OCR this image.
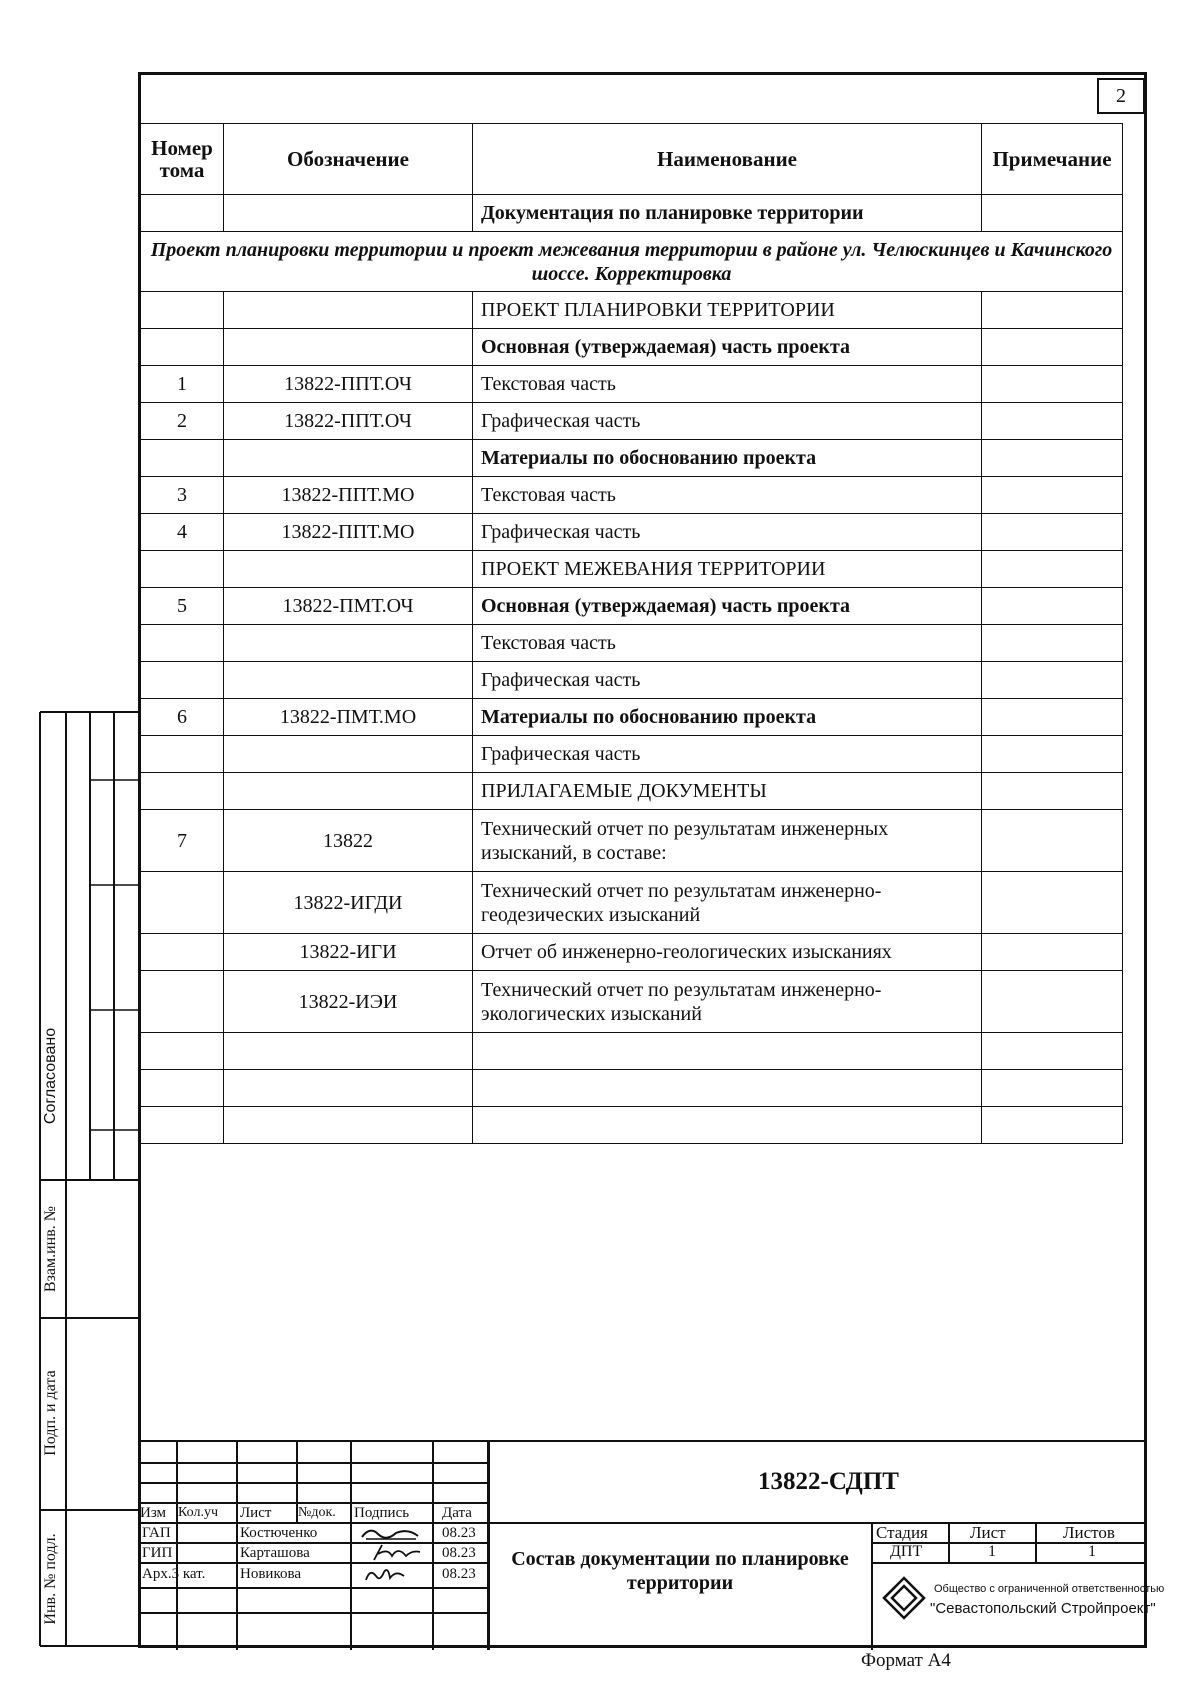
2
Номер тома	Обозначение	Наименование	Примечание
		Документация по планировке территории	
Проект планировки территории и проект межевания территории в районе ул. Челюскинцев и Качинского шоссе. Корректировка			
		ПРОЕКТ ПЛАНИРОВКИ ТЕРРИТОРИИ	
		Основная (утверждаемая) часть проекта	
1	13822-ППТ.ОЧ	Текстовая часть	
2	13822-ППТ.ОЧ	Графическая часть	
		Материалы по обоснованию проекта	
3	13822-ППТ.МО	Текстовая часть	
4	13822-ППТ.МО	Графическая часть	
		ПРОЕКТ МЕЖЕВАНИЯ ТЕРРИТОРИИ	
5	13822-ПМТ.ОЧ	Основная (утверждаемая) часть проекта	
		Текстовая часть	
		Графическая часть	
6	13822-ПМТ.МО	Материалы по обоснованию проекта	
		Графическая часть	
		ПРИЛАГАЕМЫЕ ДОКУМЕНТЫ	
7	13822	Технический отчет по результатам инженерных изысканий, в составе:	
	13822-ИГДИ	Технический отчет по результатам инженерно-геодезических изысканий	
	13822-ИГИ	Отчет об инженерно-геологических изысканиях	
	13822-ИЭИ	Технический отчет по результатам инженерно-экологических изысканий	

Согласовано
Взам.инв. №
Подп. и дата
Инв. № подл.
Изм Кол.уч Лист №док. Подпись Дата
ГАП	Костюченко	08.23
ГИП	Карташова	08.23
Арх.3 кат. Новикова	08.23
13822-СДПТ
Состав документации по планировке территории
Стадия Лист	Листов
ДПТ	1	1
Общество с ограниченной ответственностью
"Севастопольский Стройпроект"
Формат А4
